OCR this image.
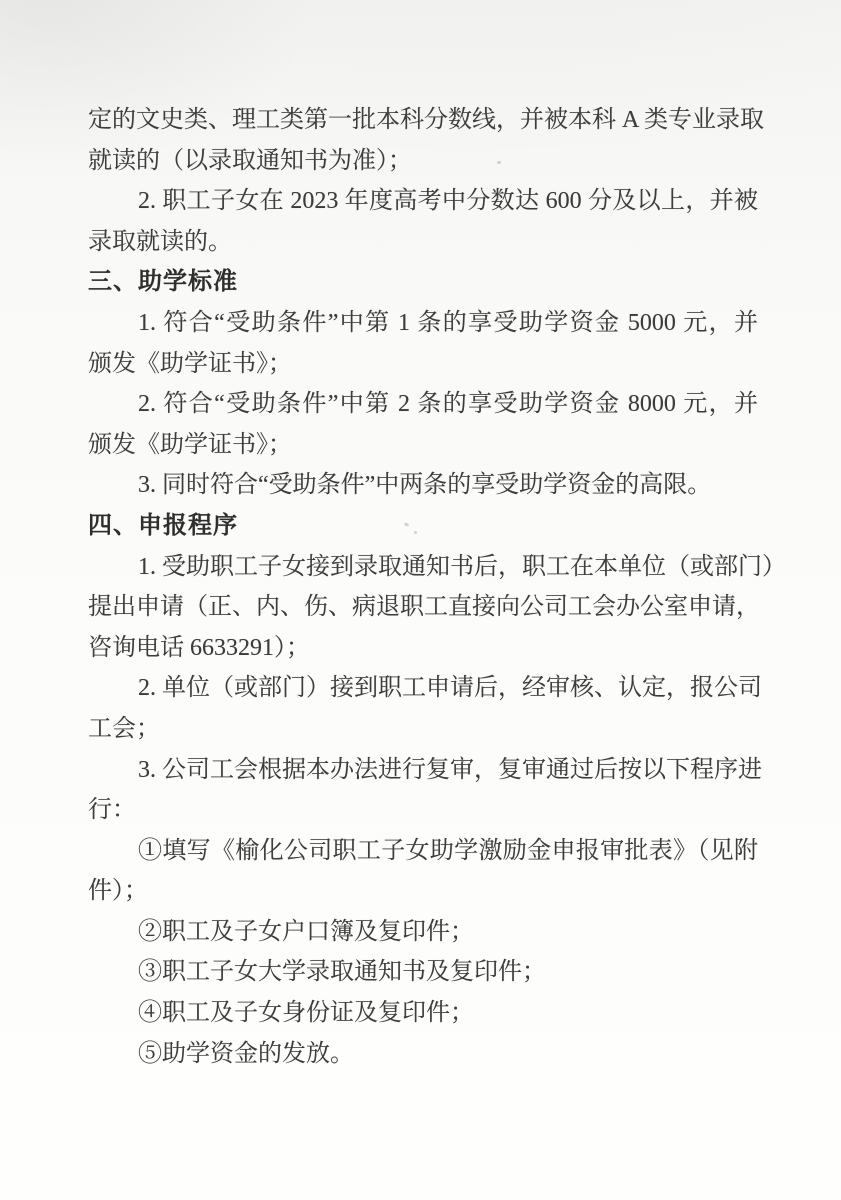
定的文史类、理工类第一批本科分数线，并被本科 A 类专业录取
就读的（以录取通知书为准）；
2. 职工子女在 2023 年度高考中分数达 600 分及以上，并被
录取就读的。
三、助学标准
1. 符合“受助条件”中第 1 条的享受助学资金 5000 元，并
颁发《助学证书》；
2. 符合“受助条件”中第 2 条的享受助学资金 8000 元，并
颁发《助学证书》；
3. 同时符合“受助条件”中两条的享受助学资金的高限。
四、申报程序
1. 受助职工子女接到录取通知书后，职工在本单位（或部门）
提出申请（正、内、伤、病退职工直接向公司工会办公室申请，
咨询电话 6633291）；
2. 单位（或部门）接到职工申请后，经审核、认定，报公司
工会；
3. 公司工会根据本办法进行复审，复审通过后按以下程序进
行：
①填写《榆化公司职工子女助学激励金申报审批表》（见附
件）；
②职工及子女户口簿及复印件；
③职工子女大学录取通知书及复印件；
④职工及子女身份证及复印件；
⑤助学资金的发放。
